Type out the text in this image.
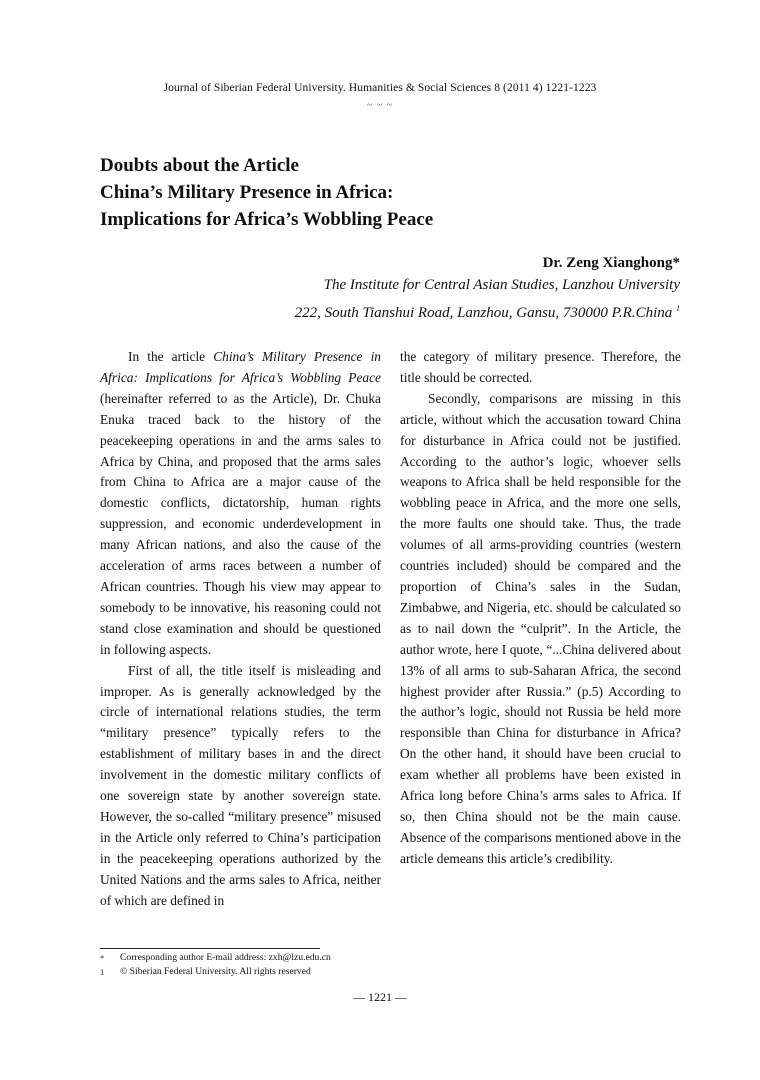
Journal of Siberian Federal University. Humanities & Social Sciences 8 (2011 4) 1221-1223
~ ~ ~
Doubts about the Article
China’s Military Presence in Africa:
Implications for Africa’s Wobbling Peace
Dr. Zeng Xianghong*
The Institute for Central Asian Studies, Lanzhou University
222, South Tianshui Road, Lanzhou, Gansu, 730000 P.R.China $^1$

In the article China’s Military Presence in Africa: Implications for Africa’s Wobbling Peace (hereinafter referred to as the Article), Dr. Chuka Enuka traced back to the history of the peacekeeping operations in and the arms sales to Africa by China, and proposed that the arms sales from China to Africa are a major cause of the domestic conflicts, dictatorship, human rights suppression, and economic underdevelopment in many African nations, and also the cause of the acceleration of arms races between a number of African countries. Though his view may appear to somebody to be innovative, his reasoning could not stand close examination and should be questioned in following aspects.

First of all, the title itself is misleading and improper. As is generally acknowledged by the circle of international relations studies, the term “military presence” typically refers to the establishment of military bases in and the direct involvement in the domestic military conflicts of one sovereign state by another sovereign state. However, the so-called “military presence” misused in the Article only referred to China’s participation in the peacekeeping operations authorized by the United Nations and the arms sales to Africa, neither of which are defined in

the category of military presence. Therefore, the title should be corrected.

Secondly, comparisons are missing in this article, without which the accusation toward China for disturbance in Africa could not be justified. According to the author’s logic, whoever sells weapons to Africa shall be held responsible for the wobbling peace in Africa, and the more one sells, the more faults one should take. Thus, the trade volumes of all arms-providing countries (western countries included) should be compared and the proportion of China’s sales in the Sudan, Zimbabwe, and Nigeria, etc. should be calculated so as to nail down the “culprit”. In the Article, the author wrote, here I quote, “...China delivered about 13% of all arms to sub-Saharan Africa, the second highest provider after Russia.” (p.5) According to the author’s logic, should not Russia be held more responsible than China for disturbance in Africa? On the other hand, it should have been crucial to exam whether all problems have been existed in Africa long before China’s arms sales to Africa. If so, then China should not be the main cause. Absence of the comparisons mentioned above in the article demeans this article’s credibility.

* Corresponding author E-mail address: zxh@lzu.edu.cn
1 © Siberian Federal University. All rights reserved
— 1221 —
